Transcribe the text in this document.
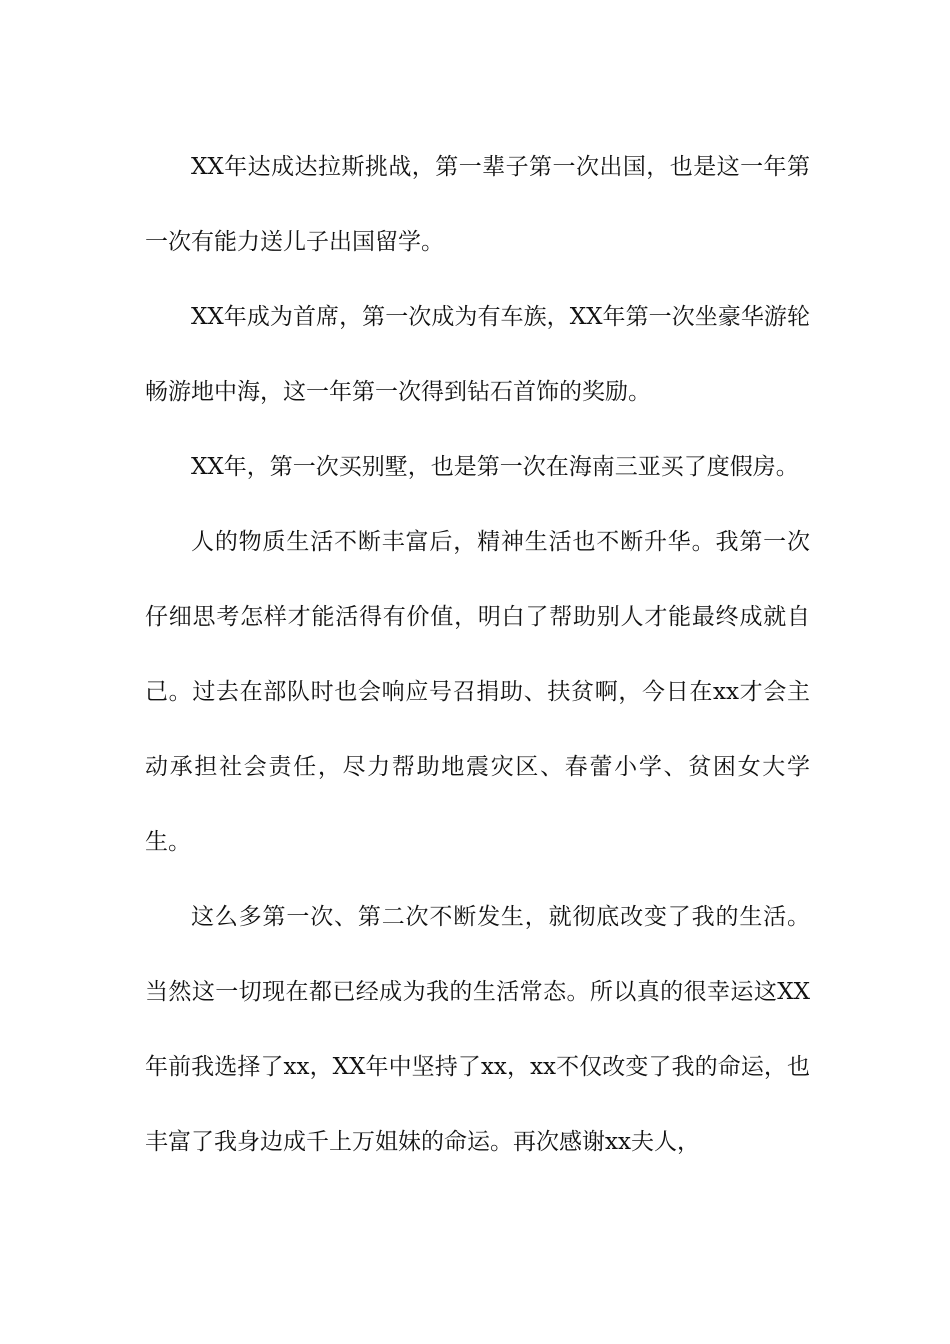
XX年达成达拉斯挑战，第一辈子第一次出国，也是这一年第一次有能力送儿子出国留学。

XX年成为首席，第一次成为有车族，XX年第一次坐豪华游轮畅游地中海，这一年第一次得到钻石首饰的奖励。

XX年，第一次买别墅，也是第一次在海南三亚买了度假房。

人的物质生活不断丰富后，精神生活也不断升华。我第一次仔细思考怎样才能活得有价值，明白了帮助别人才能最终成就自己。过去在部队时也会响应号召捐助、扶贫啊，今日在xx才会主动承担社会责任，尽力帮助地震灾区、春蕾小学、贫困女大学生。

这么多第一次、第二次不断发生，就彻底改变了我的生活。当然这一切现在都已经成为我的生活常态。所以真的很幸运这XX年前我选择了xx，XX年中坚持了xx，xx不仅改变了我的命运，也丰富了我身边成千上万姐妹的命运。再次感谢xx夫人，
